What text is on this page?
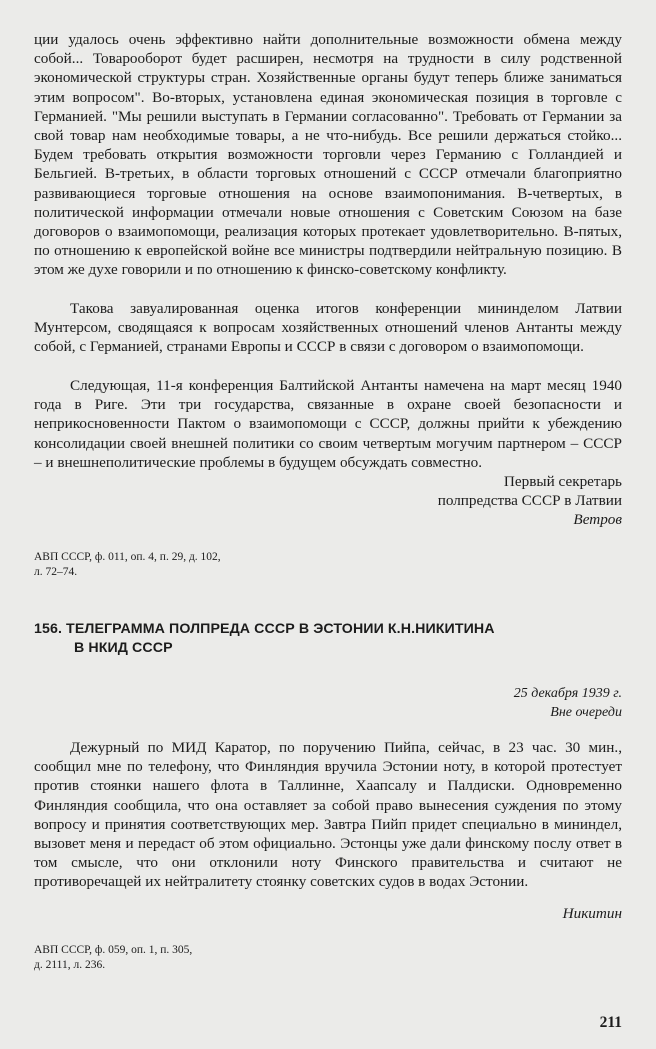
ции удалось очень эффективно найти дополнительные возможности обмена между собой... Товарооборот будет расширен, несмотря на трудности в силу родственной экономической структуры стран. Хозяйственные органы будут теперь ближе заниматься этим вопросом". Во-вторых, установлена единая экономическая позиция в торговле с Германией. "Мы решили выступать в Германии согласованно". Требовать от Германии за свой товар нам необходимые товары, а не что-нибудь. Все решили держаться стойко... Будем требовать открытия возможности торговли через Германию с Голландией и Бельгией. В-третьих, в области торговых отношений с СССР отмечали благоприятно развивающиеся торговые отношения на основе взаимопонимания. В-четвертых, в политической информации отмечали новые отношения с Советским Союзом на базе договоров о взаимопомощи, реализация которых протекает удовлетворительно. В-пятых, по отношению к европейской войне все министры подтвердили нейтральную позицию. В этом же духе говорили и по отношению к финско-советскому конфликту.

Такова завуалированная оценка итогов конференции мининделом Латвии Мунтерсом, сводящаяся к вопросам хозяйственных отношений членов Антанты между собой, с Германией, странами Европы и СССР в связи с договором о взаимопомощи.

Следующая, 11-я конференция Балтийской Антанты намечена на март месяц 1940 года в Риге. Эти три государства, связанные в охране своей безопасности и неприкосновенности Пактом о взаимопомощи с СССР, должны прийти к убеждению консолидации своей внешней политики со своим четвертым могучим партнером – СССР – и внешнеполитические проблемы в будущем обсуждать совместно.

Первый секретарь

полпредства СССР в Латвии

Ветров

АВП СССР, ф. 011, оп. 4, п. 29, д. 102,

л. 72–74.

156. ТЕЛЕГРАММА ПОЛПРЕДА СССР В ЭСТОНИИ К.Н.НИКИТИНА
В НКИД СССР

25 декабря 1939 г.

Вне очереди

Дежурный по МИД Каратор, по поручению Пийпа, сейчас, в 23 час. 30 мин., сообщил мне по телефону, что Финляндия вручила Эстонии ноту, в которой протестует против стоянки нашего флота в Таллинне, Хаапсалу и Палдиски. Одновременно Финляндия сообщила, что она оставляет за собой право вынесения суждения по этому вопросу и принятия соответствующих мер. Завтра Пийп придет специально в мининдел, вызовет меня и передаст об этом официально. Эстонцы уже дали финскому послу ответ в том смысле, что они отклонили ноту Финского правительства и считают не противоречащей их нейтралитету стоянку советских судов в водах Эстонии.

Никитин

АВП СССР, ф. 059, оп. 1, п. 305,

д. 2111, л. 236.

211
